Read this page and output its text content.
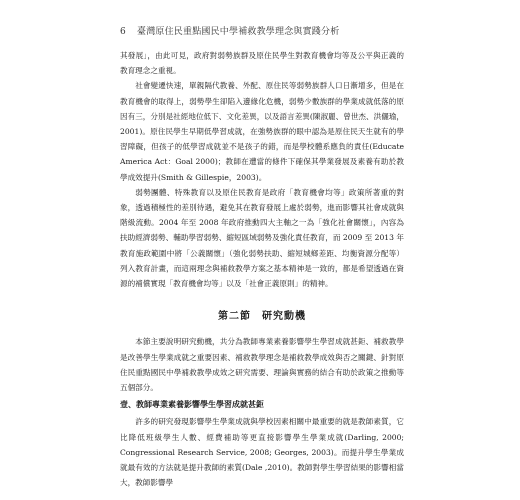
6 臺灣原住民重點國民中學補救教學理念與實踐分析

其發展」，由此可見，政府對弱勢族群及原住民學生對教育機會均等及公平與正義的教育理念之重視。

社會變遷快速，單親隔代教養、外配、原住民等弱勢族群人口日漸增多，但是在教育機會的取得上，弱勢學生卻陷入邊緣化危機，弱勢少數族群的學業成就低落的原因有三，分別是社經地位低下、文化差異，以及語言差異(陳淑麗、曾世杰、洪儷瑜，2001)。原住民學生早期低學習成就，在強勢族群的眼中認為是原住民天生就有的學習障礙，但孩子的低學習成就並不是孩子的錯，而是學校體系應負的責任(Educate America Act：Goal 2000)；教師在遭當的條件下確保其學業發展及素養有助於教學成效提升(Smith & Gillespie，2003)。

弱勢團體、特殊教育以及原住民教育是政府「教育機會均等」政策所著重的對象，透過積極性的差別待遇，避免其在教育發展上處於弱勢，進而影響其社會成就與階級流動。2004 年至 2008 年政府推動四大主軸之一為「強化社會關懷」，內容為扶助經濟弱勢、輔助學習弱勢、縮短區域弱勢及強化責任教育，而 2009 至 2013 年教育施政範圍中將「公義關懷」（強化弱勢扶助、縮短城鄉差距、均衡資源分配等）列入教育計畫，而這兩理念與補救教學方案之基本精神是一致的，都是希望透過在資源的補償實現「教育機會均等」以及「社會正義原則」的精神。

第二節　研究動機

本節主要說明研究動機，共分為教師專業素養影響學生學習成就甚鉅、補救教學是改善學生學業成就之重要因素、補救教學理念是補救教學成效與否之關鍵、針對原住民重點國民中學補救教學成效之研究需要、理論與實務的結合有助於政策之推動等五個部分。

壹、教師專業素養影響學生學習成就甚鉅

許多的研究發現影響學生學業成就與學校因素相關中最重要的就是教師素質，它比降低班級學生人數、經費補助等更直接影響學生學業成就(Darling, 2000; Congressional Research Service, 2008; Georges, 2003)。而提升學生學業成就最有效的方法就是提升教師的素質(Dale ,2010)。教師對學生學習結果的影響相當大，教師影響學
